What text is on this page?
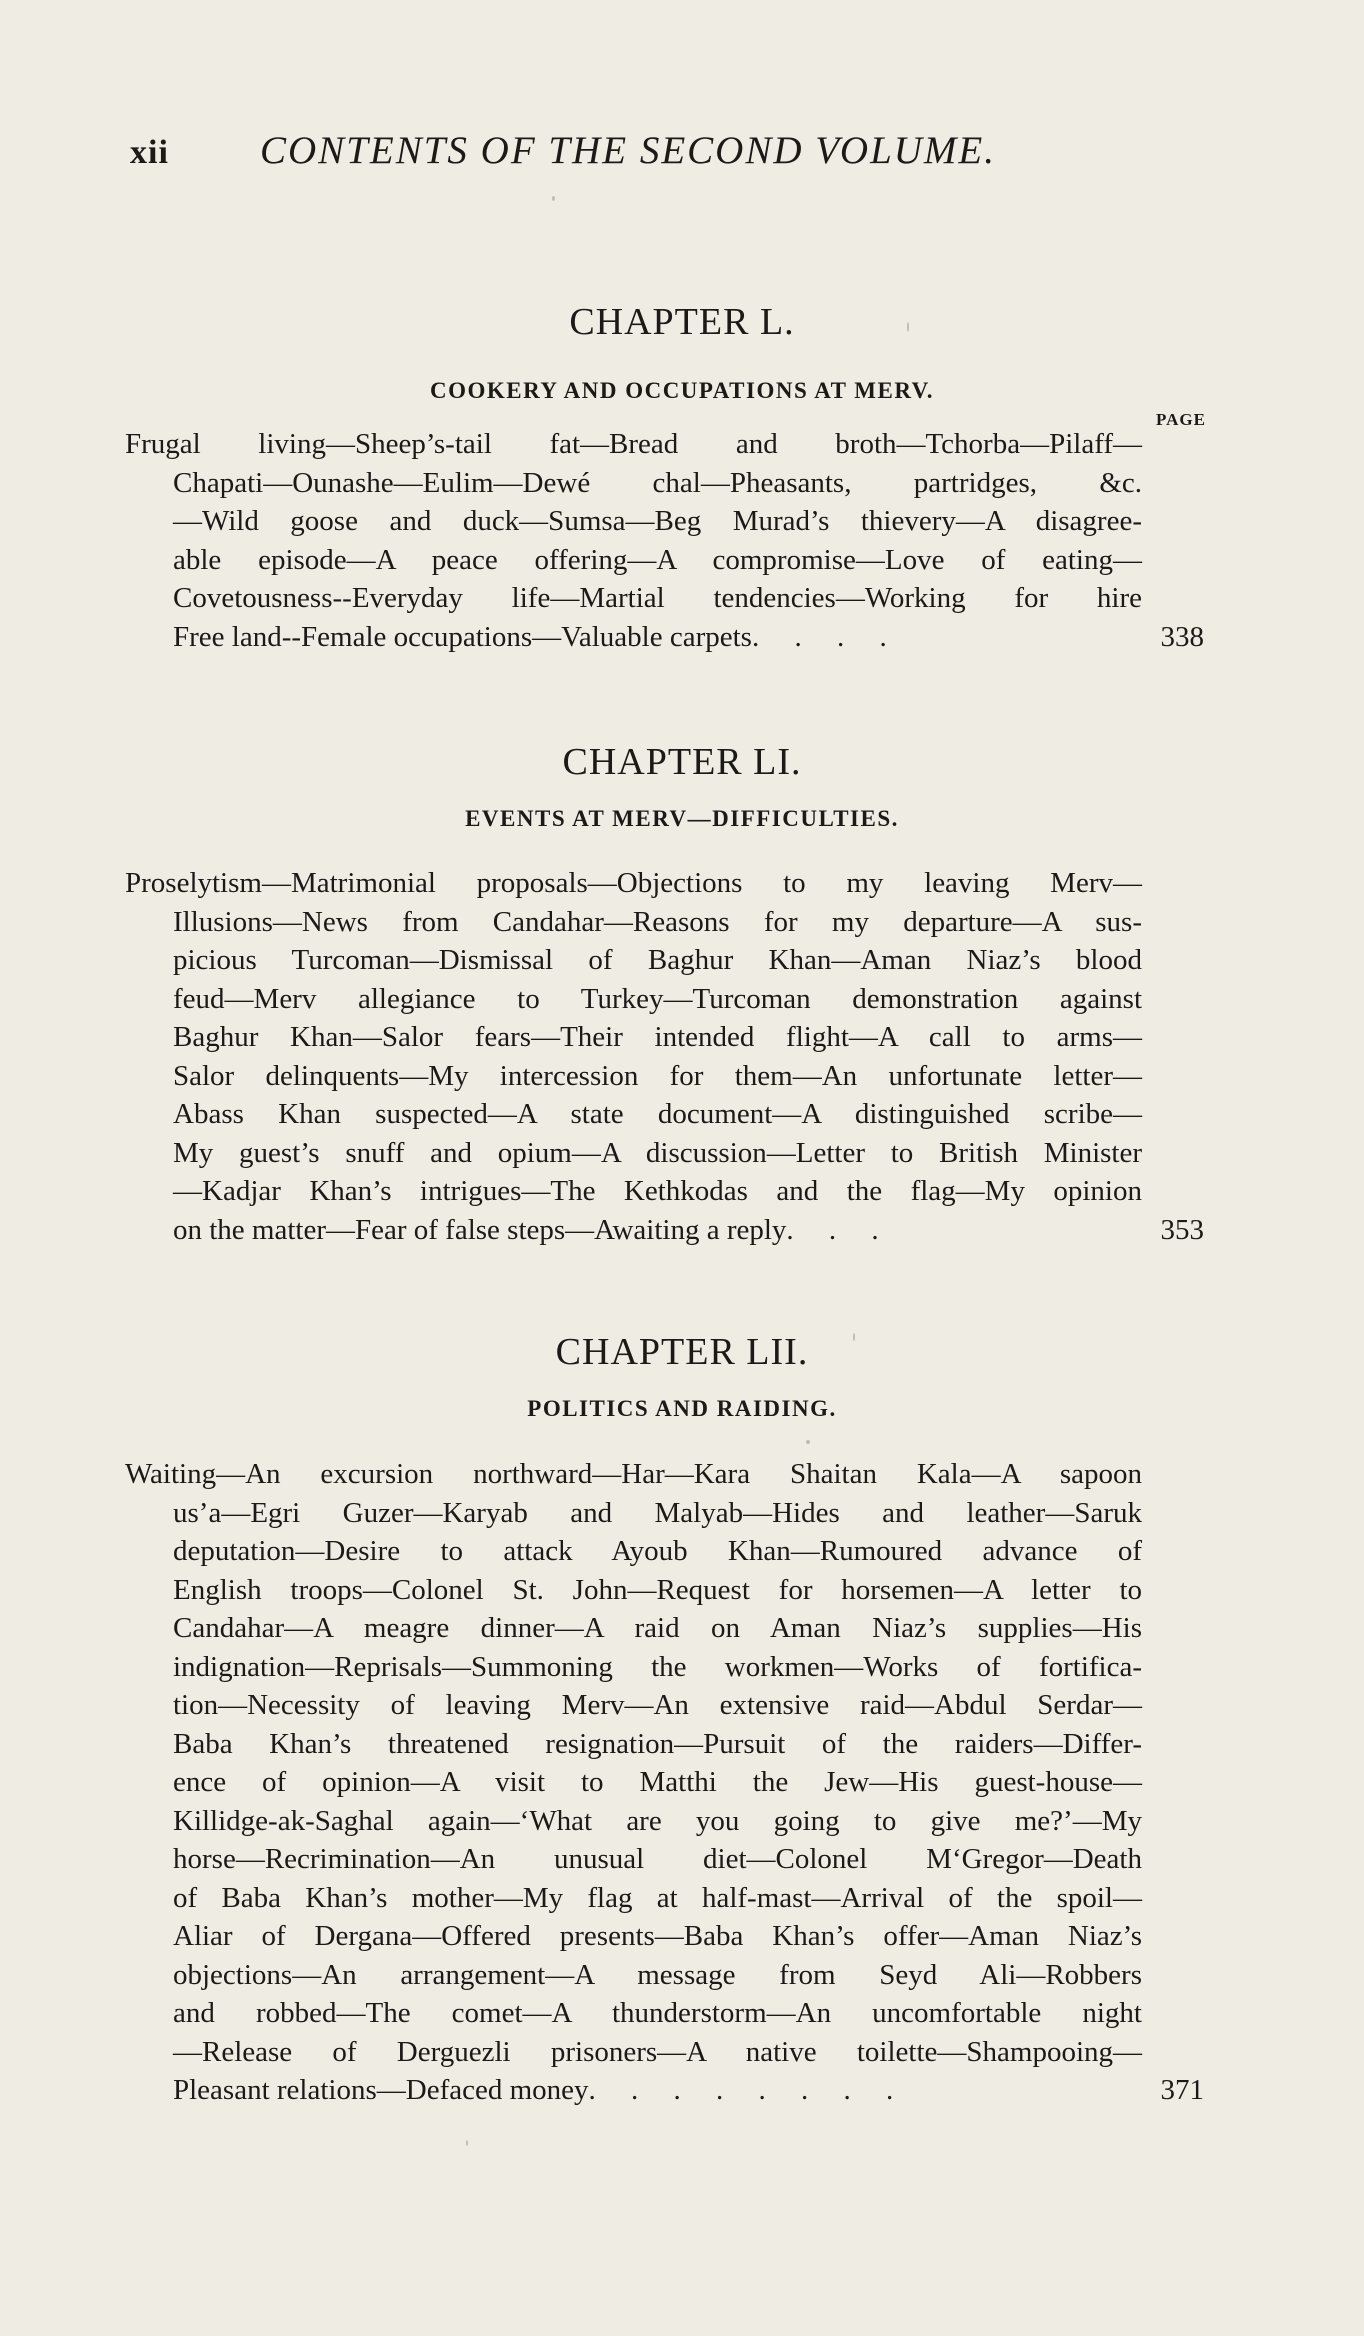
xii CONTENTS OF THE SECOND VOLUME.
CHAPTER L.
COOKERY AND OCCUPATIONS AT MERV.
PAGE
Frugal living—Sheep’s-tail fat—Bread and broth—Tchorba—Pilaff—
Chapati—Ounashe—Eulim—Dewé chal—Pheasants, partridges, &c.
—Wild goose and duck—Sumsa—Beg Murad’s thievery—A disagree-
able episode—A peace offering—A compromise—Love of eating—
Covetousness--Everyday life—Martial tendencies—Working for hire
Free land--Female occupations—Valuable carpets . . . .	338
CHAPTER LI.
EVENTS AT MERV—DIFFICULTIES.
Proselytism—Matrimonial proposals—Objections to my leaving Merv—
Illusions—News from Candahar—Reasons for my departure—A sus-
picious Turcoman—Dismissal of Baghur Khan—Aman Niaz’s blood
feud—Merv allegiance to Turkey—Turcoman demonstration against
Baghur Khan—Salor fears—Their intended flight—A call to arms—
Salor delinquents—My intercession for them—An unfortunate letter—
Abass Khan suspected—A state document—A distinguished scribe—
My guest’s snuff and opium—A discussion—Letter to British Minister
—Kadjar Khan’s intrigues—The Kethkodas and the flag—My opinion
on the matter—Fear of false steps—Awaiting a reply . . .	353
CHAPTER LII.
POLITICS AND RAIDING.
Waiting—An excursion northward—Har—Kara Shaitan Kala—A sapoon
us’a—Egri Guzer—Karyab and Malyab—Hides and leather—Saruk
deputation—Desire to attack Ayoub Khan—Rumoured advance of
English troops—Colonel St. John—Request for horsemen—A letter to
Candahar—A meagre dinner—A raid on Aman Niaz’s supplies—His
indignation—Reprisals—Summoning the workmen—Works of fortifica-
tion—Necessity of leaving Merv—An extensive raid—Abdul Serdar—
Baba Khan’s threatened resignation—Pursuit of the raiders—Differ-
ence of opinion—A visit to Matthi the Jew—His guest-house—
Killidge-ak-Saghal again—‘What are you going to give me?’—My
horse—Recrimination—An unusual diet—Colonel M‘Gregor—Death
of Baba Khan’s mother—My flag at half-mast—Arrival of the spoil—
Aliar of Dergana—Offered presents—Baba Khan’s offer—Aman Niaz’s
objections—An arrangement—A message from Seyd Ali—Robbers
and robbed—The comet—A thunderstorm—An uncomfortable night
—Release of Derguezli prisoners—A native toilette—Shampooing—
Pleasant relations—Defaced money . . . . . . . .	371
